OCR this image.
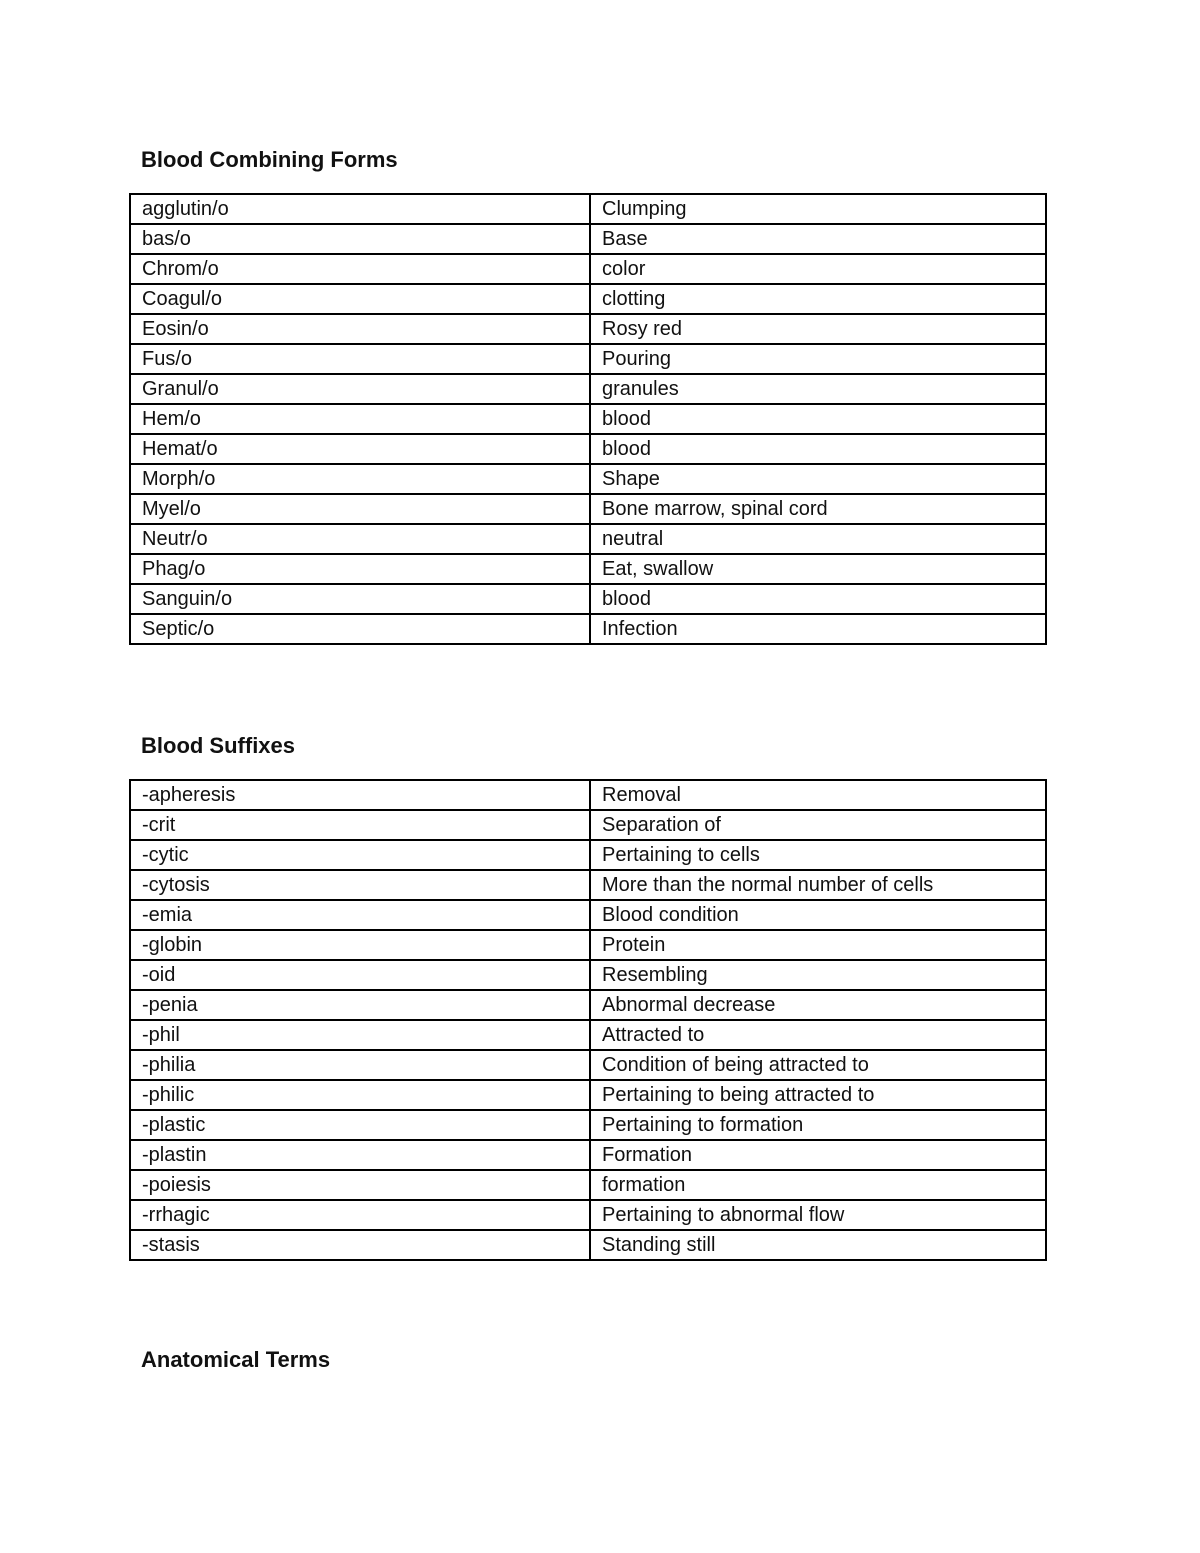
Blood Combining Forms
agglutin/o	Clumping
bas/o	Base
Chrom/o	color
Coagul/o	clotting
Eosin/o	Rosy red
Fus/o	Pouring
Granul/o	granules
Hem/o	blood
Hemat/o	blood
Morph/o	Shape
Myel/o	Bone marrow, spinal cord
Neutr/o	neutral
Phag/o	Eat, swallow
Sanguin/o	blood
Septic/o	Infection
Blood Suffixes
-apheresis	Removal
-crit	Separation of
-cytic	Pertaining to cells
-cytosis	More than the normal number of cells
-emia	Blood condition
-globin	Protein
-oid	Resembling
-penia	Abnormal decrease
-phil	Attracted to
-philia	Condition of being attracted to
-philic	Pertaining to being attracted to
-plastic	Pertaining to formation
-plastin	Formation
-poiesis	formation
-rrhagic	Pertaining to abnormal flow
-stasis	Standing still
Anatomical Terms
